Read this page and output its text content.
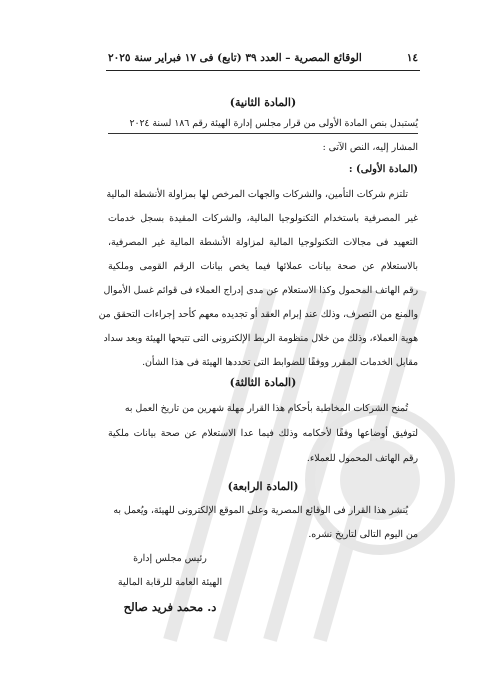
١٤
الوقائع المصرية – العدد ٣٩ (تابع) فى ١٧ فبراير سنة ٢٠٢٥
(المادة الثانية)
يُستبدل بنص المادة الأولى من قرار مجلس إدارة الهيئة رقم ١٨٦ لسنة ٢٠٢٤
المشار إليه، النص الآتى :
(المادة الأولى) :
تلتزم شركات التأمين، والشركات والجهات المرخص لها بمزاولة الأنشطة المالية
غير المصرفية باستخدام التكنولوجيا المالية، والشركات المقيدة بسجل خدمات
التعهيد فى مجالات التكنولوجيا المالية لمزاولة الأنشطة المالية غير المصرفية،
بالاستعلام عن صحة بيانات عملائها فيما يخص بيانات الرقم القومى وملكية
رقم الهاتف المحمول وكذا الاستعلام عن مدى إدراج العملاء فى قوائم غسل الأموال
والمنع من التصرف، وذلك عند إبرام العقد أو تجديده معهم كأحد إجراءات التحقق من
هوية العملاء، وذلك من خلال منظومة الربط الإلكترونى التى تتيحها الهيئة وبعد سداد
مقابل الخدمات المقرر ووفقًا للضوابط التى تحددها الهيئة فى هذا الشأن.
(المادة الثالثة)
تُمنح الشركات المخاطبة بأحكام هذا القرار مهلة شهرين من تاريخ العمل به
لتوفيق أوضاعها وفقًا لأحكامه وذلك فيما عدا الاستعلام عن صحة بيانات ملكية
رقم الهاتف المحمول للعملاء.
(المادة الرابعة)
يُنشر هذا القرار فى الوقائع المصرية وعلى الموقع الإلكترونى للهيئة، ويُعمل به
من اليوم التالى لتاريخ نشره.
رئيس مجلس إدارة
الهيئة العامة للرقابة المالية
د. محمد فريد صالح
